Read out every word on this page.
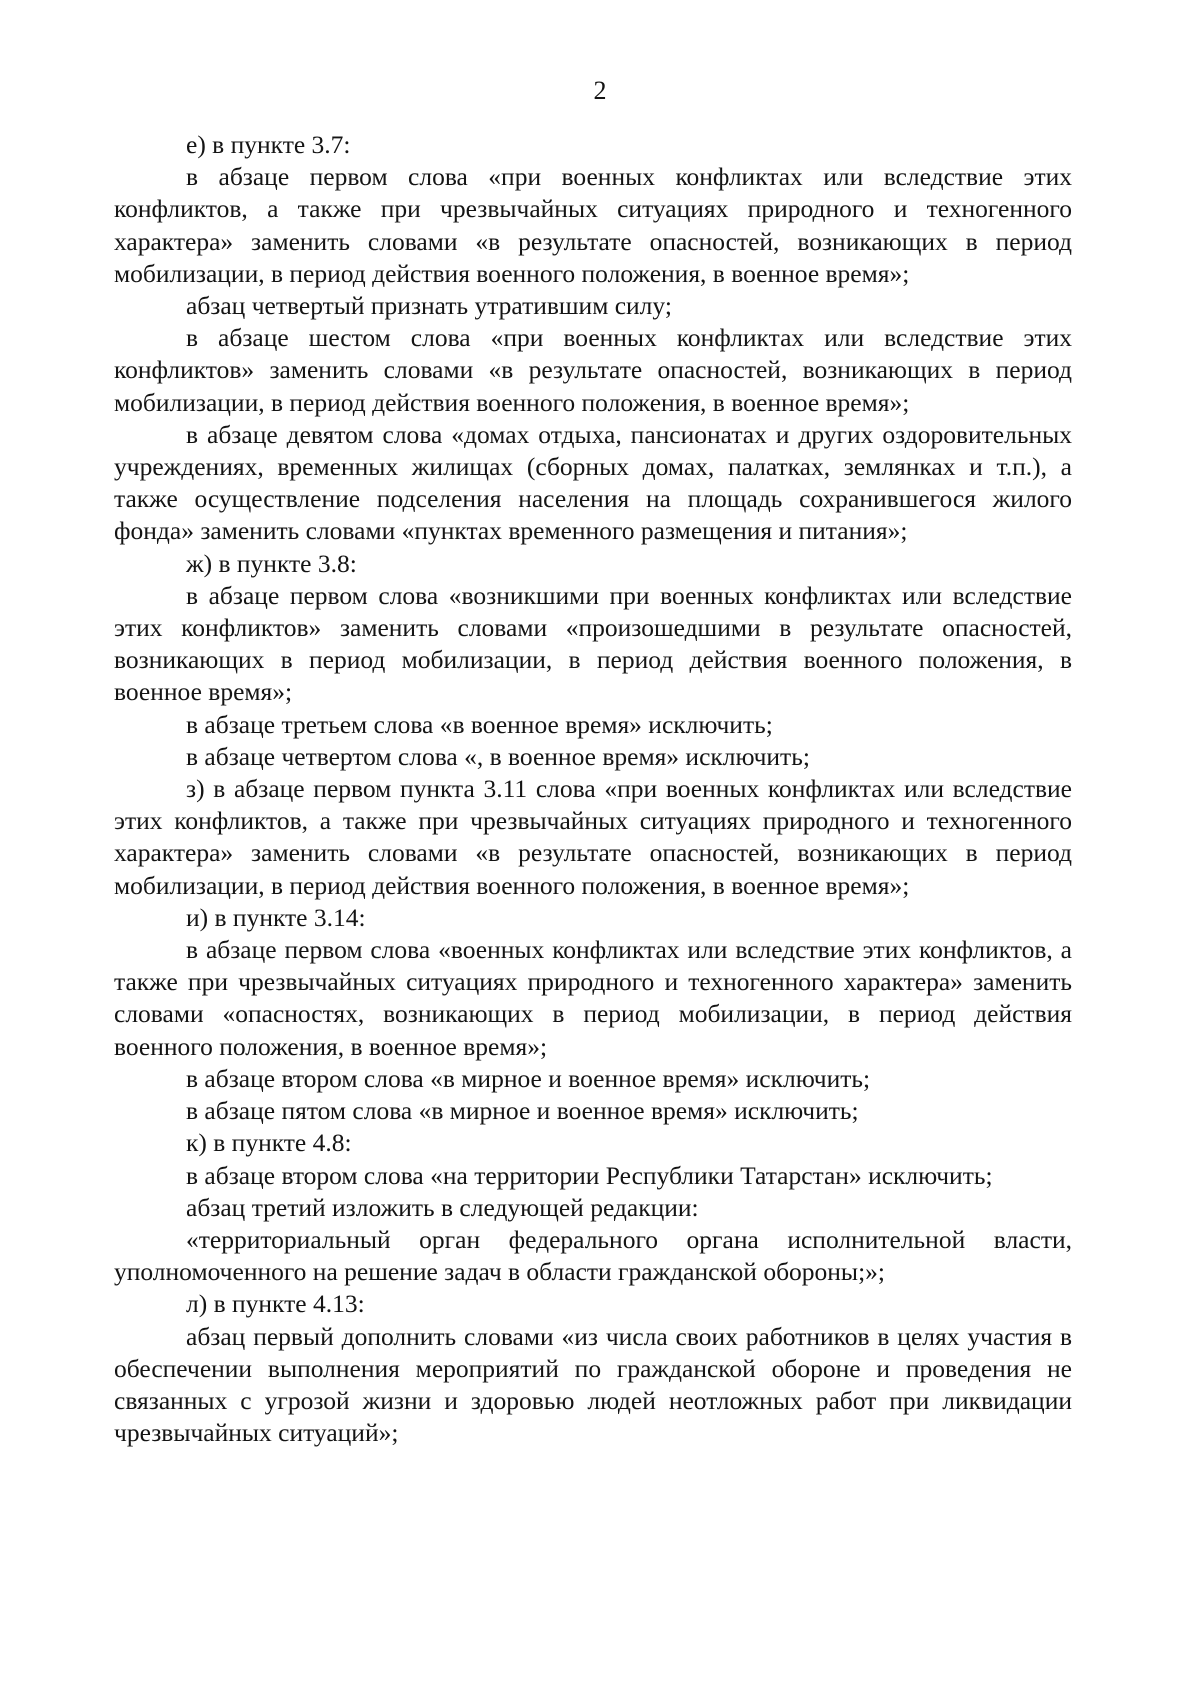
2

е) в пункте 3.7:

в абзаце первом слова «при военных конфликтах или вследствие этих конфликтов, а также при чрезвычайных ситуациях природного и техногенного характера» заменить словами «в результате опасностей, возникающих в период мобилизации, в период действия военного положения, в военное время»;

абзац четвертый признать утратившим силу;

в абзаце шестом слова «при военных конфликтах или вследствие этих конфликтов» заменить словами «в результате опасностей, возникающих в период мобилизации, в период действия военного положения, в военное время»;

в абзаце девятом слова «домах отдыха, пансионатах и других оздоровительных учреждениях, временных жилищах (сборных домах, палатках, землянках и т.п.), а также осуществление подселения населения на площадь сохранившегося жилого фонда» заменить словами «пунктах временного размещения и питания»;

ж) в пункте 3.8:

в абзаце первом слова «возникшими при военных конфликтах или вследствие этих конфликтов» заменить словами «произошедшими в результате опасностей, возникающих в период мобилизации, в период действия военного положения, в военное время»;

в абзаце третьем слова «в военное время» исключить;

в абзаце четвертом слова «, в военное время» исключить;

з) в абзаце первом пункта 3.11 слова «при военных конфликтах или вследствие этих конфликтов, а также при чрезвычайных ситуациях природного и техногенного характера» заменить словами «в результате опасностей, возникающих в период мобилизации, в период действия военного положения, в военное время»;

и) в пункте 3.14:

в абзаце первом слова «военных конфликтах или вследствие этих конфликтов, а также при чрезвычайных ситуациях природного и техногенного характера» заменить словами «опасностях, возникающих в период мобилизации, в период действия военного положения, в военное время»;

в абзаце втором слова «в мирное и военное время» исключить;

в абзаце пятом слова «в мирное и военное время» исключить;

к) в пункте 4.8:

в абзаце втором слова «на территории Республики Татарстан» исключить;

абзац третий изложить в следующей редакции:

«территориальный орган федерального органа исполнительной власти, уполномоченного на решение задач в области гражданской обороны;»;

л) в пункте 4.13:

абзац первый дополнить словами «из числа своих работников в целях участия в обеспечении выполнения мероприятий по гражданской обороне и проведения не связанных с угрозой жизни и здоровью людей неотложных работ при ликвидации чрезвычайных ситуаций»;
